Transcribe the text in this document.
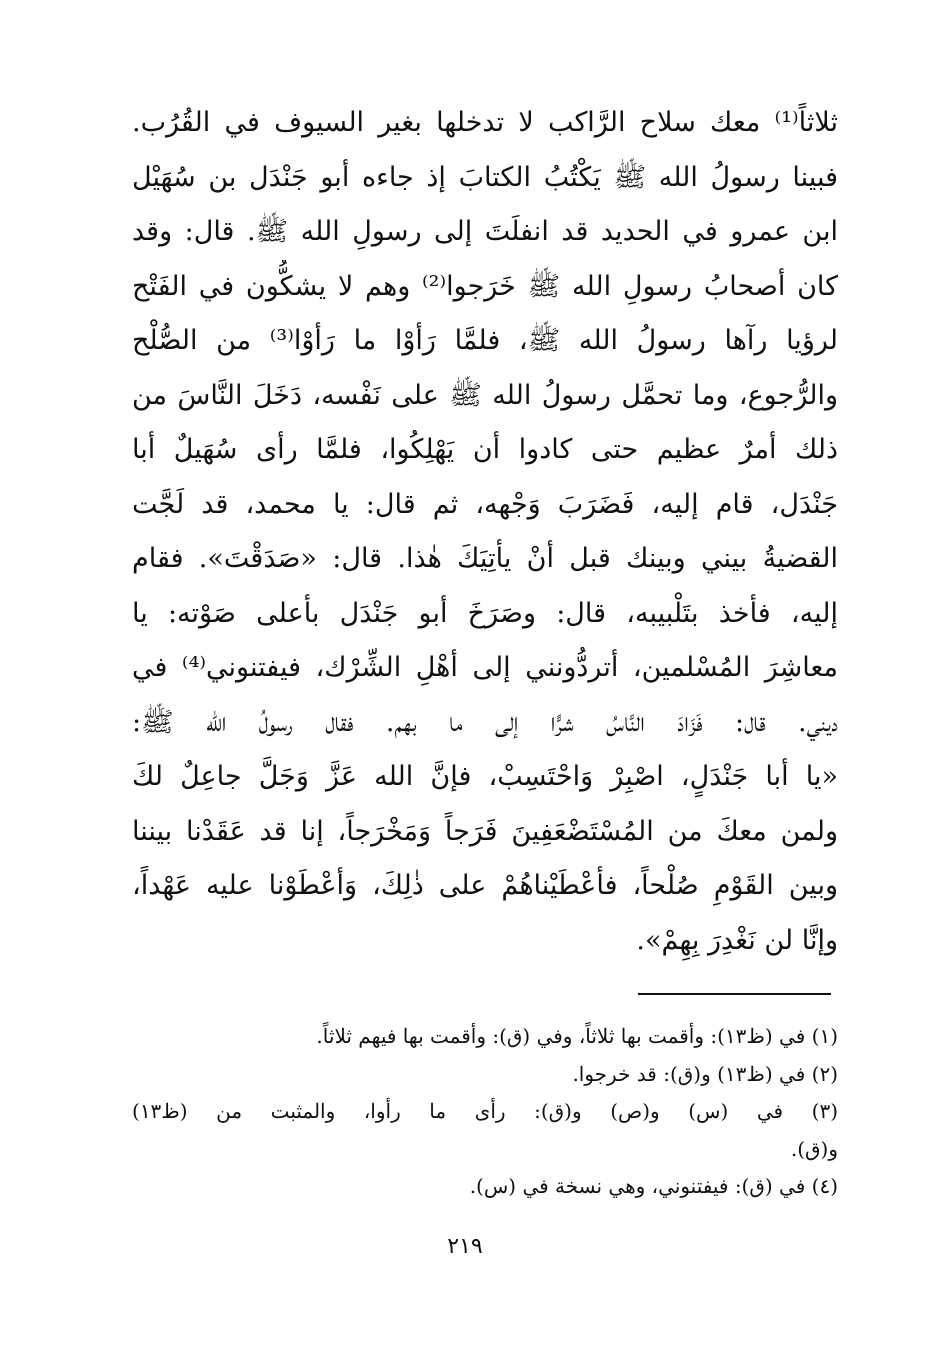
ثلاثاً⁽¹⁾ معك سلاح الرَّاكب لا تدخلها بغير السيوف في القُرُب.
فبينا رسولُ الله ﷺ يَكْتُبُ الكتابَ إذ جاءه أبو جَنْدَل بن سُهَيْل
ابن عمرو في الحديد قد انفلَتَ إلى رسولِ الله ﷺ. قال: وقد
كان أصحابُ رسولِ الله ﷺ خَرَجوا⁽²⁾ وهم لا يشكُّون في الفَتْح
لرؤيا رآها رسولُ الله ﷺ، فلمَّا رَأوْا ما رَأوْا⁽³⁾ من الصُّلْح
والرُّجوع، وما تحمَّل رسولُ الله ﷺ على نَفْسه، دَخَلَ النَّاسَ من
ذلك أمرٌ عظيم حتى كادوا أن يَهْلِكُوا، فلمَّا رأى سُهَيلٌ أبا
جَنْدَل، قام إليه، فَضَرَبَ وَجْهه، ثم قال: يا محمد، قد لَجَّت
القضيةُ بيني وبينك قبل أنْ يأتِيَكَ هٰذا. قال: «صَدَقْتَ». فقام
إليه، فأخذ بتَلْبيبه، قال: وصَرَخَ أبو جَنْدَل بأعلى صَوْته: يا
معاشِرَ المُسْلمين، أتردُّونني إلى أهْلِ الشِّرْك، فيفتنوني⁽⁴⁾ في
ديني. قال: فَزَادَ النَّاسُ شرًّا إلى ما بهم. فقال رسولُ الله ﷺ:
«يا أبا جَنْدَلٍ، اصْبِرْ وَاحْتَسِبْ، فإنَّ الله عَزَّ وَجَلَّ جاعِلٌ لكَ
ولمن معكَ من المُسْتَضْعَفِينَ فَرَجاً وَمَخْرَجاً، إنا قد عَقَدْنا بيننا
وبين القَوْمِ صُلْحاً، فأعْطَيْناهُمْ على ذٰلِكَ، وَأعْطَوْنا عليه عَهْداً،
وإنَّا لن نَغْدِرَ بِهِمْ».
(١) في (ظ١٣): وأقمت بها ثلاثاً، وفي (ق): وأقمت بها فيهم ثلاثاً.
(٢) في (ظ١٣) و(ق): قد خرجوا.
(٣) في (س) و(ص) و(ق): رأى ما رأوا، والمثبت من (ظ١٣)
و(ق).
(٤) في (ق): فيفتنوني، وهي نسخة في (س).
٢١٩
